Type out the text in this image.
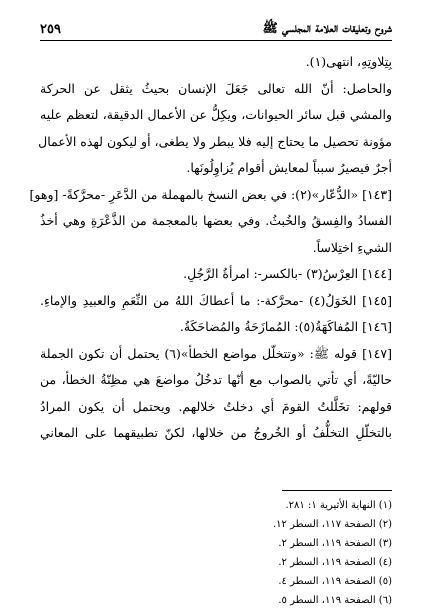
شروح وتعليقات العلامة المجلسي ﷺ
٢٥٩
بِتِلاوتِهِ، انتهى(١).
والحاصل: أنّ الله تعالى جَعَلَ الإنسان بحيثُ يثقل عن الحركة
والمشي قبل سائر الحيوانات، ويكِلُّ عن الأعمال الدقيقة، لتعظم عليه
مؤونة تحصيل ما يحتاج إليه فلا يبطر ولا يطغى، أو ليكون لهذه الأعمال
أجرٌ فيصيرُ سبباً لمعايش أقوام يُزاوِلُونَها.
[١٤٣] «الدُّعّار»(٢): في بعض النسخ بالمهملة من الدَّعَرِ -محرَّكةً- [وهو]
الفسادُ والفِسقُ والخُبثُ. وفي بعضها بالمعجمة من الذَّعْرَةِ وهي أخذُ
الشيءِ اختِلاساً.
[١٤٤] العِرْسُ(٣) -بالكسر-: امرأةُ الرَّجُلِ.
[١٤٥] الخَوَلُ(٤) -محرَّكة-: ما أعطاكَ اللهُ من النِّعَمِ والعبيدِ والإماءِ.
[١٤٦] المُفاكَهَةُ(٥): المُمازَحَةُ والمُضاحَكَةُ.
[١٤٧] قوله ﷺ: «وتتخلّل مواضع الخطأ»(٦) يحتمل أن تكون الجملة
حاليّةً، أي تأتي بالصواب مع أنّها تدخُلُ مواضعَ هي مظِنّةُ الخطأ، من
قولهم: تخَلَّلتُ القومَ أي دخلتُ خلالهم. ويحتمل أن يكون المرادُ
بالتخلّلِ التخلُّفُ أو الخُروجُ من خلالها، لكنّ تطبيقهما على المعاني
(١) النهاية الأثيرية ١: ٢٨١.
(٢) الصفحة ١١٧، السطر ١٢.
(٣) الصفحة ١١٩، السطر ٢.
(٤) الصفحة ١١٩، السطر ٢.
(٥) الصفحة ١١٩، السطر ٤.
(٦) الصفحة ١١٩، السطر ٥.
